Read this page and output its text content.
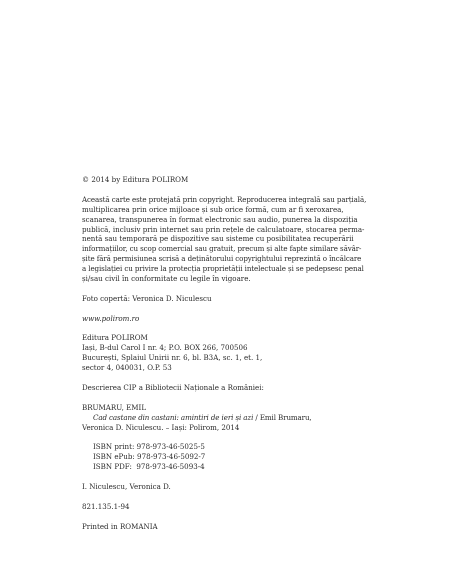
© 2014 by Editura POLIROM
Această carte este protejată prin copyright. Reproducerea integrală sau parțială,
multiplicarea prin orice mijloace și sub orice formă, cum ar fi xeroxarea,
scanarea, transpunerea în format electronic sau audio, punerea la dispoziția
publică, inclusiv prin internet sau prin rețele de calculatoare, stocarea perma-
nentă sau temporară pe dispozitive sau sisteme cu posibilitatea recuperării
informațiilor, cu scop comercial sau gratuit, precum și alte fapte similare săvâr-
șite fără permisiunea scrisă a deținătorului copyrightului reprezintă o încălcare
a legislației cu privire la protecția proprietății intelectuale și se pedepsesc penal
și/sau civil în conformitate cu legile în vigoare.
Foto copertă: Veronica D. Niculescu
www.polirom.ro
Editura POLIROM
Iași, B-dul Carol I nr. 4; P.O. BOX 266, 700506
București, Splaiul Unirii nr. 6, bl. B3A, sc. 1, et. 1,
sector 4, 040031, O.P. 53
Descrierea CIP a Bibliotecii Naționale a României:
BRUMARU, EMIL
Cad castane din castani: amintiri de ieri și azi / Emil Brumaru,
Veronica D. Niculescu. – Iași: Polirom, 2014
ISBN print: 978-973-46-5025-5
ISBN ePub: 978-973-46-5092-7
ISBN PDF:  978-973-46-5093-4
I. Niculescu, Veronica D.
821.135.1-94
Printed in ROMANIA
